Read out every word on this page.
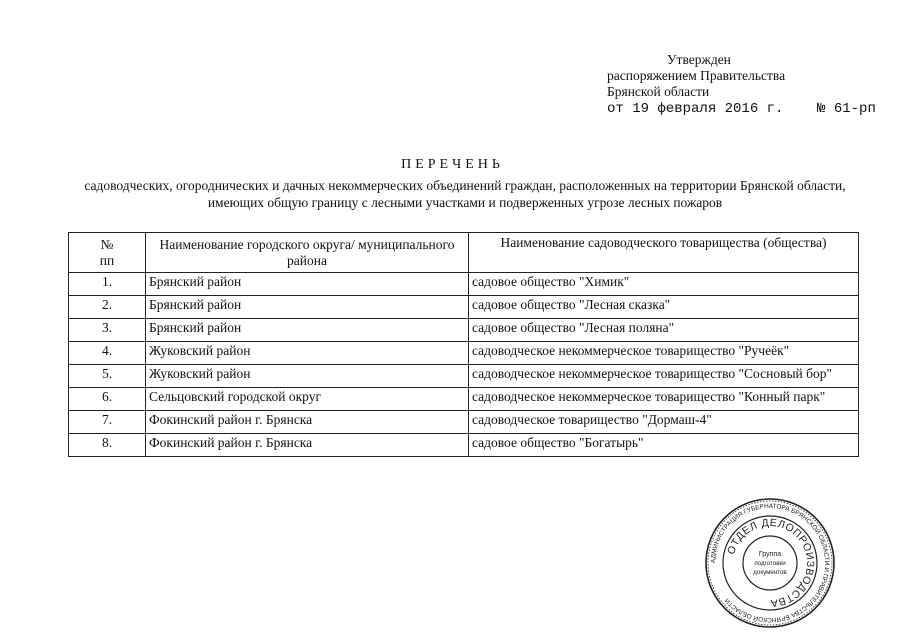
Утвержден
распоряжением Правительства
Брянской области
от 19 февраля 2016 г.    № 61-рп
ПЕРЕЧЕНЬ
садоводческих, огороднических и дачных некоммерческих объединений граждан, расположенных на территории Брянской области, имеющих общую границу с лесными участками и подверженных угрозе лесных пожаров
№
пп	Наименование городского округа/ муниципального района	Наименование садоводческого товарищества (общества)
1.	Брянский район	садовое общество "Химик"
2.	Брянский район	садовое общество "Лесная сказка"
3.	Брянский район	садовое общество "Лесная поляна"
4.	Жуковский район	садоводческое некоммерческое товарищество "Ручеёк"
5.	Жуковский район	садоводческое некоммерческое товарищество "Сосновый бор"
6.	Сельцовский городской округ	садоводческое некоммерческое товарищество "Конный парк"
7.	Фокинский район г. Брянска	садоводческое товарищество "Дормаш-4"
8.	Фокинский район г. Брянска	садовое общество "Богатырь"
АДМИНИСТРАЦИЯ ГУБЕРНАТОРА БРЯНСКОЙ ОБЛАСТИ И ПРАВИТЕЛЬСТВА БРЯНСКОЙ ОБЛАСТИ
ОТДЕЛ ДЕЛОПРОИЗВОДСТВА
Группа
подготовки
документов
